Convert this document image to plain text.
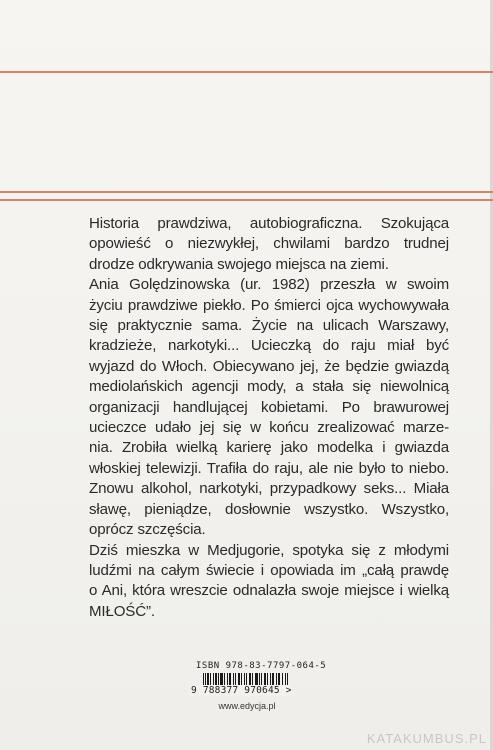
Historia prawdziwa, autobiograficzna. Szokująca
opowieść o niezwykłej, chwilami bardzo trudnej
drodze odkrywania swojego miejsca na ziemi.

Ania Golędzinowska (ur. 1982) przeszła w swoim
życiu prawdziwe piekło. Po śmierci ojca wychowywała
się praktycznie sama. Życie na ulicach Warszawy,
kradzieże, narkotyki... Ucieczką do raju miał być
wyjazd do Włoch. Obiecywano jej, że będzie gwiazdą
mediolańskich agencji mody, a stała się niewolnicą
organizacji handlującej kobietami. Po brawurowej
ucieczce udało jej się w końcu zrealizować marze-
nia. Zrobiła wielką karierę jako modelka i gwiazda
włoskiej telewizji. Trafiła do raju, ale nie było to niebo.
Znowu alkohol, narkotyki, przypadkowy seks... Miała
sławę, pieniądze, dosłownie wszystko. Wszystko,
oprócz szczęścia.

Dziś mieszka w Medjugorie, spotyka się z młodymi
ludźmi na całym świecie i opowiada im „całą prawdę
o Ani, która wreszcie odnalazła swoje miejsce i wielką
MIŁOŚĆ”.

ISBN 978-83-7797-064-5
9 788377 970645 >
www.edycja.pl
KATAKUMBUS.PL
